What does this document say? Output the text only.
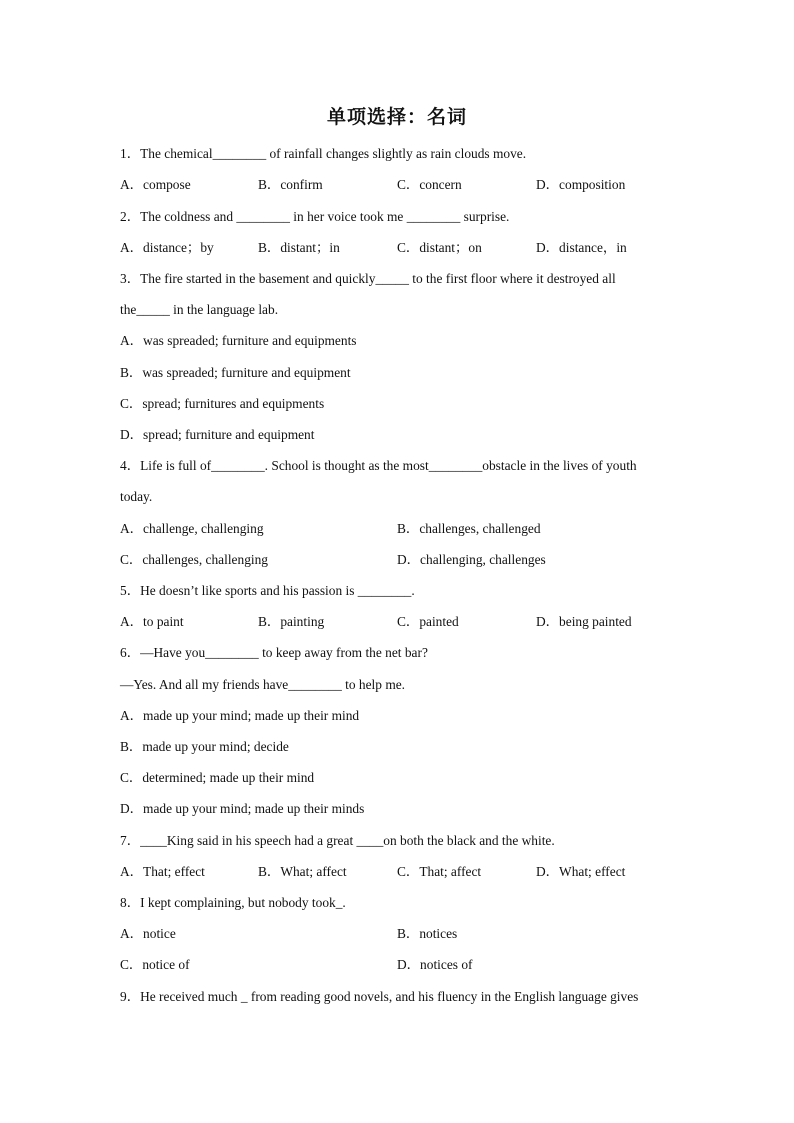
单项选择：名词
1．The chemical________ of rainfall changes slightly as rain clouds move.
A．compose	B．confirm	C．concern	D．composition
2．The coldness and ________ in her voice took me ________ surprise.
A．distance；by	B．distant；in	C．distant；on	D．distance，in
3．The fire started in the basement and quickly_____ to the first floor where it destroyed all
the_____ in the language lab.
A．was spreaded; furniture and equipments
B．was spreaded; furniture and equipment
C．spread; furnitures and equipments
D．spread; furniture and equipment
4．Life is full of________. School is thought as the most________obstacle in the lives of youth
today.
A．challenge, challenging	B．challenges, challenged
C．challenges, challenging	D．challenging, challenges
5．He doesn’t like sports and his passion is ________.
A．to paint	B．painting	C．painted	D．being painted
6．—Have you________ to keep away from the net bar?
—Yes. And all my friends have________ to help me.
A．made up your mind; made up their mind
B．made up your mind; decide
C．determined; made up their mind
D．made up your mind; made up their minds
7．____King said in his speech had a great ____on both the black and the white.
A．That; effect	B．What; affect	C．That; affect	D．What; effect
8．I kept complaining, but nobody took_.
A．notice	B．notices
C．notice of	D．notices of
9．He received much _ from reading good novels, and his fluency in the English language gives
